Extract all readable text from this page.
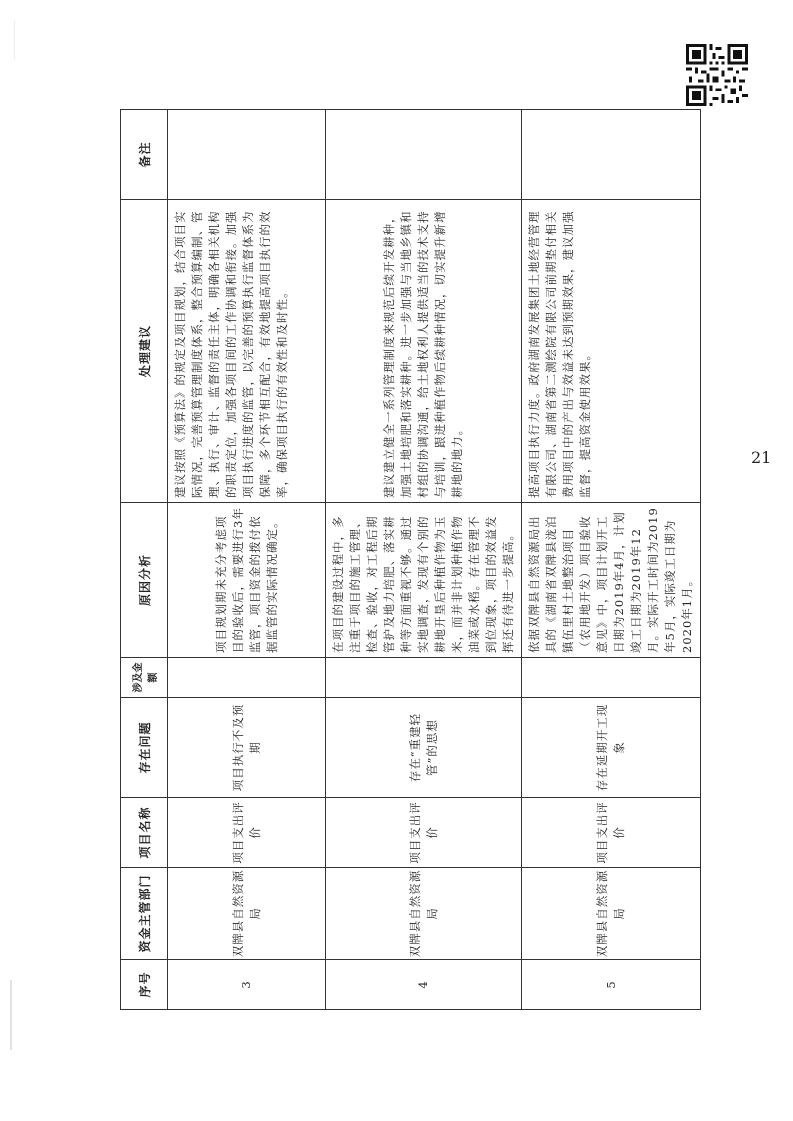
21
序号	资金主管部门	项目名称	存在问题	涉及金额	原因分析	处理建议	备注
3	双牌县自然资源局	项目支出评价	项目执行不及预期		项目规划期未充分考虑项目的验收后，需要进行3年监管，项目资金的拨付依据监管的实际情况确定。	建议按照《预算法》的规定及项目规划，结合项目实际情况，完善预算管理制度体系，整合预算编制、管理、执行、审计、监督的责任主体，明确各相关机构的职责定位，加强各项目间的工作协调和衔接。加强项目执行进度的监管，以完善的预算执行监督体系为保障，多个环节相互配合，有效地提高项目执行的效率，确保项目执行的有效性和及时性。	
4	双牌县自然资源局	项目支出评价	存在“重建轻管”的思想		在项目的建设过程中，多注重于项目的施工管理、检查、验收，对工程后期管护及地力培肥、落实耕种等方面重视不够。通过实地调查，发现有个别的耕地开垦后种植作物为玉米，而并非计划种植作物油菜或水稻。存在管理不到位现象，项目的效益发挥还有待进一步提高。	建议建立健全一系列管理制度来规范后续开发耕种，加强土地培肥和落实耕种。进一步加强与当地乡镇和村组的协调沟通，给土地权利人提供适当的技术支持与培训，跟进种植作物后续耕种情况，切实提升新增耕地的地力。	
5	双牌县自然资源局	项目支出评价	存在延期开工现象		依据双牌县自然资源局出具的《湖南省双牌县泷泊镇伍里村土地整治项目（农用地开发）项目验收意见》中，项目计划开工日期为2019年4月，计划竣工日期为2019年12月。实际开工时间为2019年5月，实际竣工日期为2020年1月。	提高项目执行力度。政府湖南发展集团土地经营管理有限公司、湖南省第二测绘院有限公司前期垫付相关费用项目中的产出与效益未达到预期效果，建议加强监督，提高资金使用效果。	
